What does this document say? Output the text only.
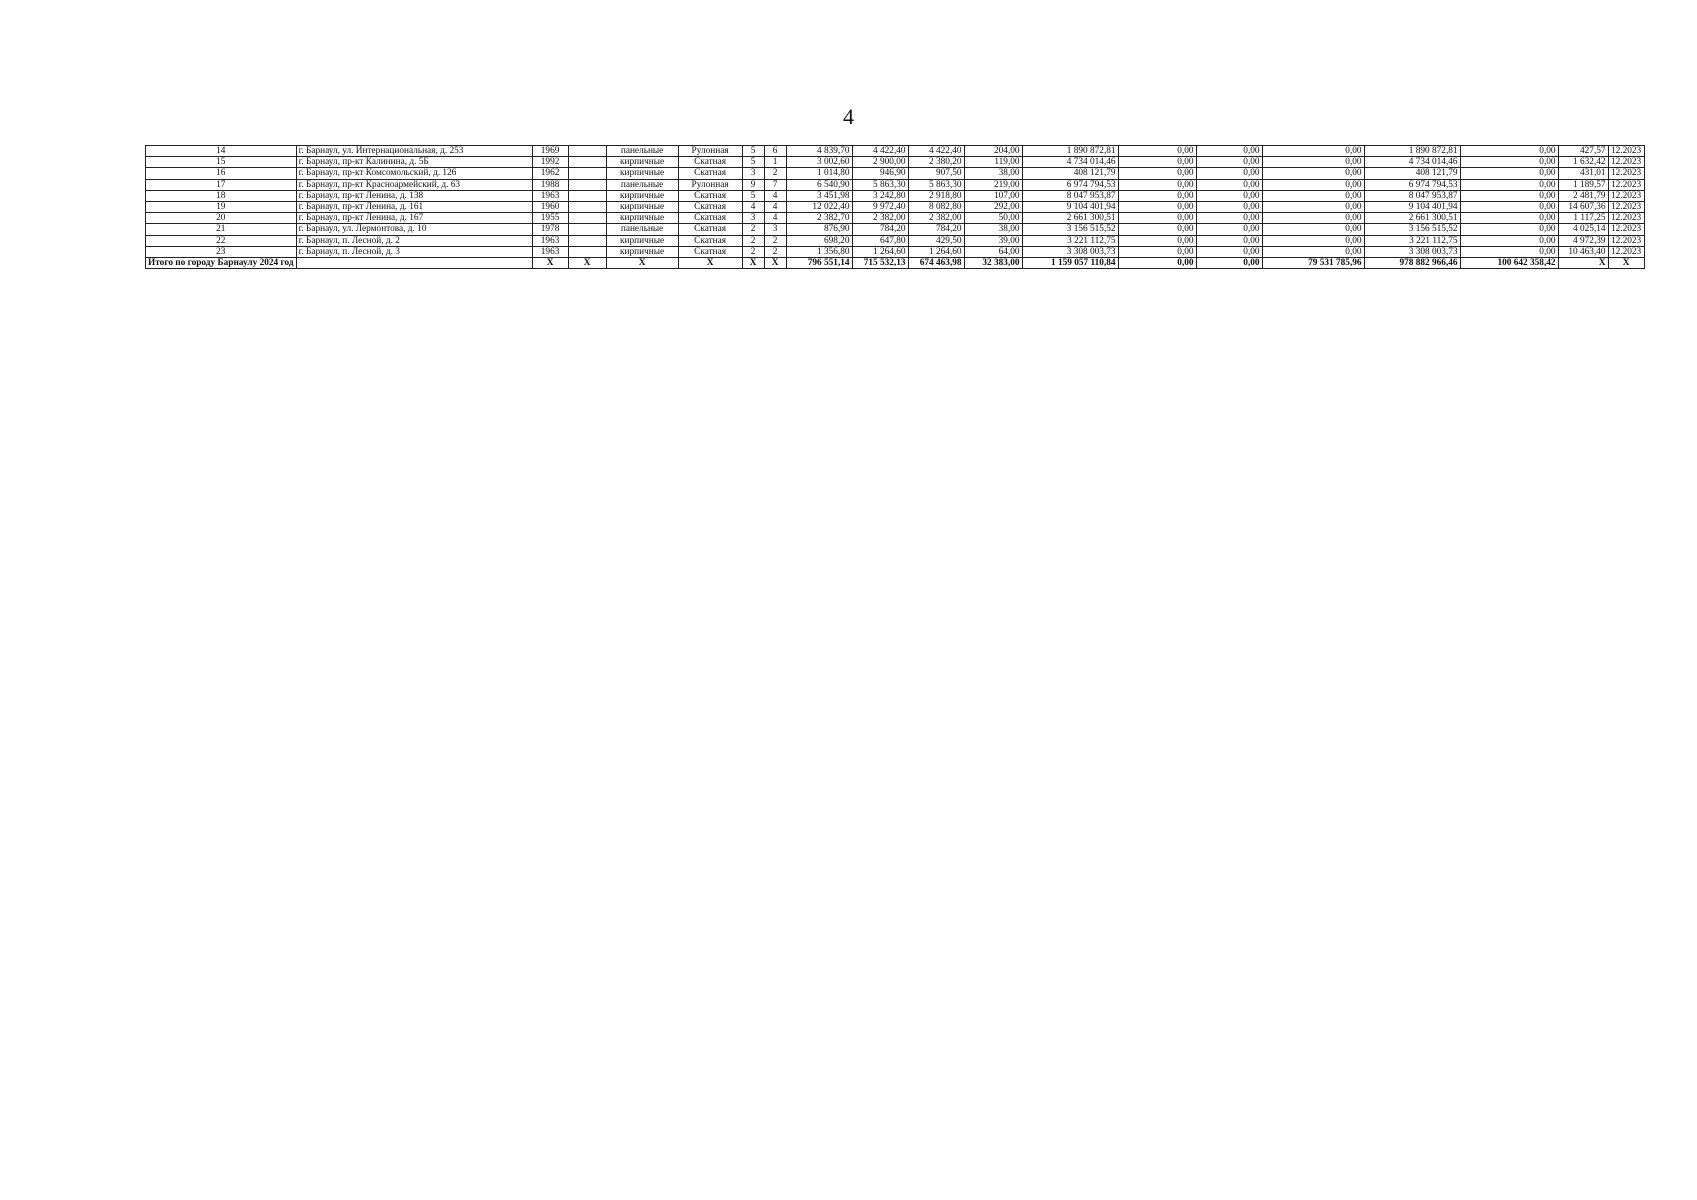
4
14	г. Барнаул, ул. Интернациональная, д. 253	1969		панельные	Рулонная	5	6	4 839,70	4 422,40	4 422,40	204,00	1 890 872,81	0,00	0,00	0,00	1 890 872,81	0,00	427,57	12.2023
15	г. Барнаул, пр-кт Калинина, д. 5Б	1992		кирпичные	Скатная	5	1	3 002,60	2 900,00	2 380,20	119,00	4 734 014,46	0,00	0,00	0,00	4 734 014,46	0,00	1 632,42	12.2023
16	г. Барнаул, пр-кт Комсомольский, д. 126	1962		кирпичные	Скатная	3	2	1 014,80	946,90	907,50	38,00	408 121,79	0,00	0,00	0,00	408 121,79	0,00	431,01	12.2023
17	г. Барнаул, пр-кт Красноармейский, д. 63	1988		панельные	Рулонная	9	7	6 540,90	5 863,30	5 863,30	219,00	6 974 794,53	0,00	0,00	0,00	6 974 794,53	0,00	1 189,57	12.2023
18	г. Барнаул, пр-кт Ленина, д. 138	1963		кирпичные	Скатная	5	4	3 451,98	3 242,80	2 918,80	107,00	8 047 953,87	0,00	0,00	0,00	8 047 953,87	0,00	2 481,79	12.2023
19	г. Барнаул, пр-кт Ленина, д. 161	1960		кирпичные	Скатная	4	4	12 022,40	9 972,40	8 082,80	292,00	9 104 401,94	0,00	0,00	0,00	9 104 401,94	0,00	14 607,36	12.2023
20	г. Барнаул, пр-кт Ленина, д. 167	1955		кирпичные	Скатная	3	4	2 382,70	2 382,00	2 382,00	50,00	2 661 300,51	0,00	0,00	0,00	2 661 300,51	0,00	1 117,25	12.2023
21	г. Барнаул, ул. Лермонтова, д. 10	1978		панельные	Скатная	2	3	876,90	784,20	784,20	38,00	3 156 515,52	0,00	0,00	0,00	3 156 515,52	0,00	4 025,14	12.2023
22	г. Барнаул, п. Лесной, д. 2	1963		кирпичные	Скатная	2	2	698,20	647,80	429,50	39,00	3 221 112,75	0,00	0,00	0,00	3 221 112,75	0,00	4 972,39	12.2023
23	г. Барнаул, п. Лесной, д. 3	1963		кирпичные	Скатная	2	2	1 356,80	1 264,60	1 264,60	64,00	3 308 003,73	0,00	0,00	0,00	3 308 003,73	0,00	10 463,40	12.2023
Итого по городу Барнаулу 2024 год		X	X	X	X	X	X	796 551,14	715 532,13	674 463,98	32 383,00	1 159 057 110,84	0,00	0,00	79 531 785,96	978 882 966,46	100 642 358,42	X	X
